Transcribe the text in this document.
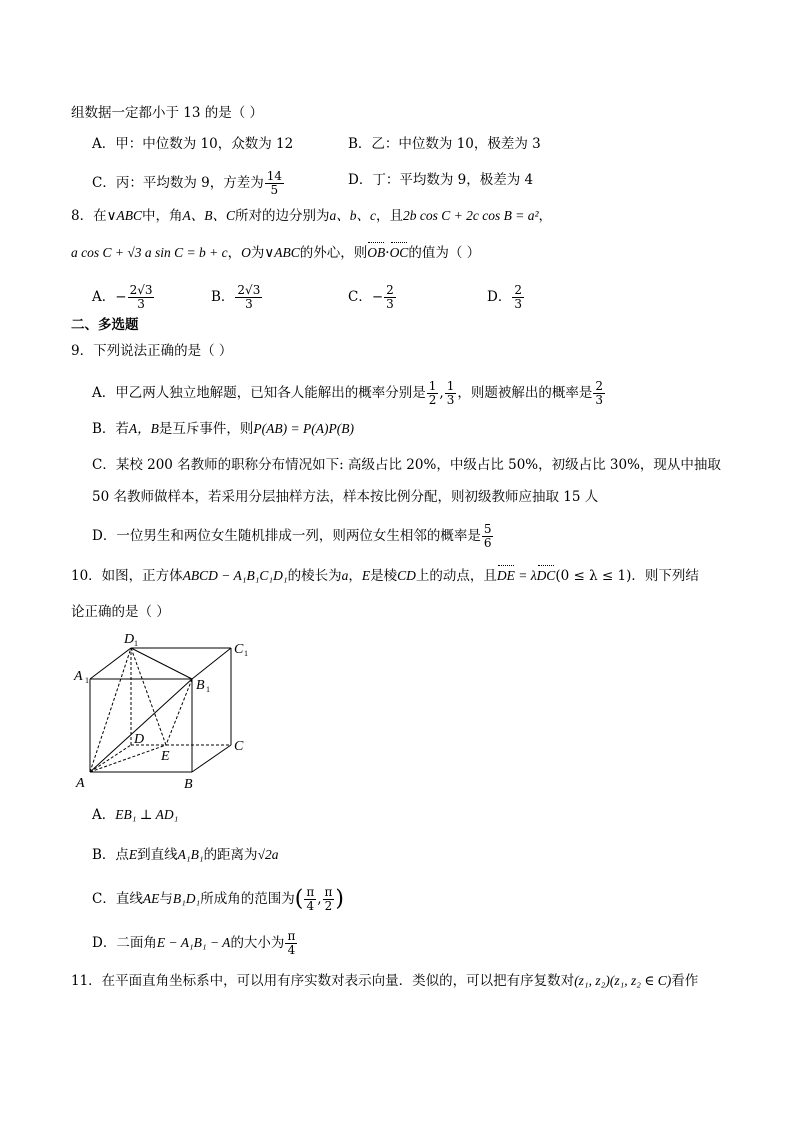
组数据一定都小于 13 的是（ ）
A．甲：中位数为 10，众数为 12	B．乙：中位数为 10，极差为 3
C．丙：平均数为 9，方差为 $\frac{14}{5}$	D．丁：平均数为 9，极差为 4
8．在∨ABC中，角A、B、C所对的边分别为a、b、c，且2b cos C + 2c cos B = a²，
a cos C + √3 a sin C = b + c，O为∨ABC的外心，则OB·OC的值为（ ）
A．− $\frac{2√3}{3}$	B． $\frac{2√3}{3}$	C．− $\frac{2}{3}$	D． $\frac{2}{3}$
二、多选题
9．下列说法正确的是（ ）
A．甲乙两人独立地解题，已知各人能解出的概率分别是 $\frac{1}{2}$ , $\frac{1}{3}$ ，则题被解出的概率是 $\frac{2}{3}$
B．若A，B是互斥事件，则P(AB) = P(A)P(B)
C．某校 200 名教师的职称分布情况如下: 高级占比 20%，中级占比 50%，初级占比 30%，现从中抽取
50 名教师做样本，若采用分层抽样方法，样本按比例分配，则初级教师应抽取 15 人
D．一位男生和两位女生随机排成一列，则两位女生相邻的概率是 $\frac{5}{6}$
10．如图，正方体ABCD − A₁B₁C₁D₁的棱长为a，E是棱CD上的动点，且DE = λDC(0 ≤ λ ≤ 1)．则下列结
论正确的是（ ）
A	B
C
D
E
A 1	B 1
C 1
D 1
A．EB₁ ⊥ AD₁
B．点E到直线A₁B₁的距离为√2a
C．直线AE与B₁D₁所成角的范围为( $\frac{\pi}{4}$ , $\frac{\pi}{2}$ )
D．二面角E − A₁B₁ − A的大小为 $\frac{\pi}{4}$
11．在平面直角坐标系中，可以用有序实数对表示向量．类似的，可以把有序复数对(z₁, z₂)(z₁, z₂ ∈ C)看作
